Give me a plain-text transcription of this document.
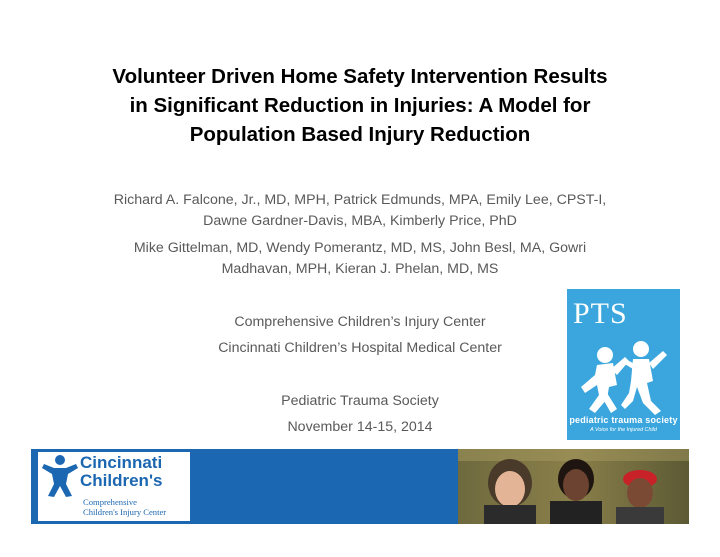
Volunteer Driven Home Safety Intervention Results
in Significant Reduction in Injuries: A Model for
Population Based Injury Reduction
Richard A. Falcone, Jr., MD, MPH, Patrick Edmunds, MPA, Emily Lee, CPST-I,
Dawne Gardner-Davis, MBA, Kimberly Price, PhD
Mike Gittelman, MD, Wendy Pomerantz, MD, MS, John Besl, MA, Gowri
Madhavan, MPH, Kieran J. Phelan, MD, MS
Comprehensive Children’s Injury Center
Cincinnati Children’s Hospital Medical Center
Pediatric Trauma Society
November 14-15, 2014
PTS
pediatric trauma society
A Voice for the Injured Child
Cincinnati
Children's
Comprehensive
Children's Injury Center
